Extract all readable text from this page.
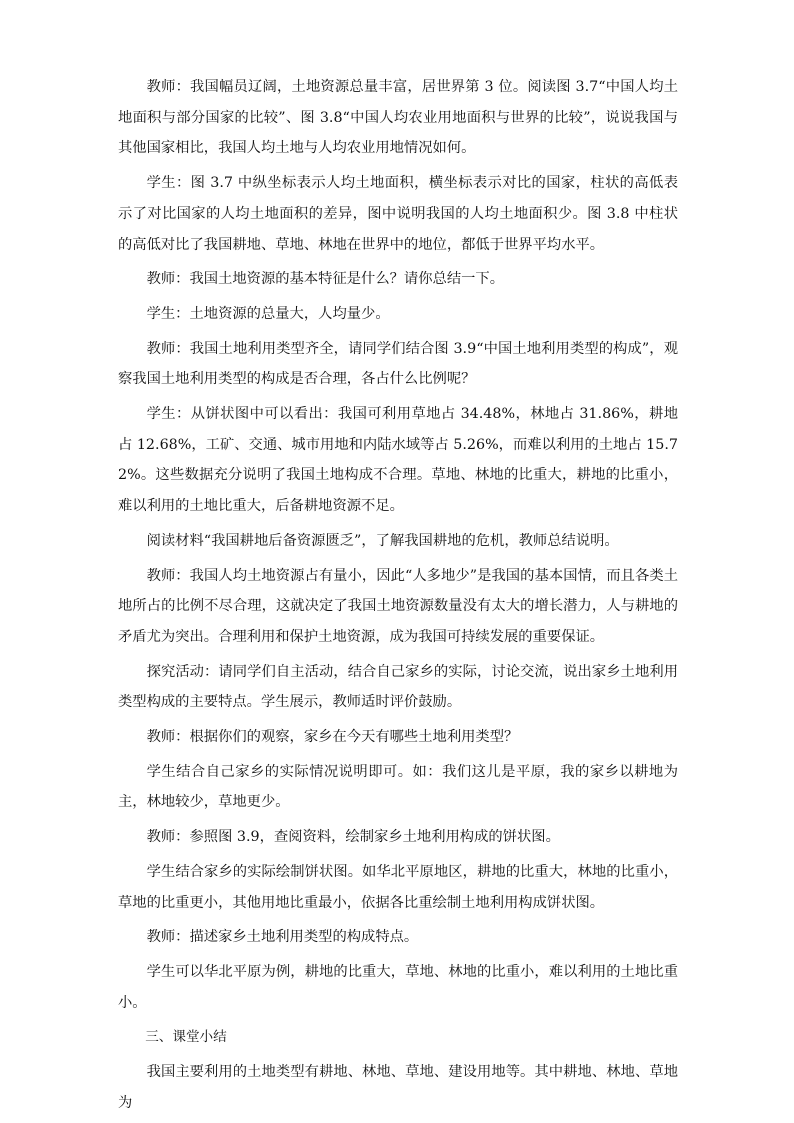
教师：我国幅员辽阔，土地资源总量丰富，居世界第 3 位。阅读图 3.7“中国人均土地面积与部分国家的比较”、图 3.8“中国人均农业用地面积与世界的比较”，说说我国与其他国家相比，我国人均土地与人均农业用地情况如何。

学生：图 3.7 中纵坐标表示人均土地面积，横坐标表示对比的国家，柱状的高低表示了对比国家的人均土地面积的差异，图中说明我国的人均土地面积少。图 3.8 中柱状的高低对比了我国耕地、草地、林地在世界中的地位，都低于世界平均水平。

教师：我国土地资源的基本特征是什么？请你总结一下。

学生：土地资源的总量大，人均量少。

教师：我国土地利用类型齐全，请同学们结合图 3.9“中国土地利用类型的构成”，观察我国土地利用类型的构成是否合理，各占什么比例呢？

学生：从饼状图中可以看出：我国可利用草地占 34.48%，林地占 31.86%，耕地占 12.68%，工矿、交通、城市用地和内陆水域等占 5.26%，而难以利用的土地占 15.72%。这些数据充分说明了我国土地构成不合理。草地、林地的比重大，耕地的比重小，难以利用的土地比重大，后备耕地资源不足。

阅读材料“我国耕地后备资源匮乏”，了解我国耕地的危机，教师总结说明。

教师：我国人均土地资源占有量小，因此“人多地少”是我国的基本国情，而且各类土地所占的比例不尽合理，这就决定了我国土地资源数量没有太大的增长潜力，人与耕地的矛盾尤为突出。合理利用和保护土地资源，成为我国可持续发展的重要保证。

探究活动：请同学们自主活动，结合自己家乡的实际，讨论交流，说出家乡土地利用类型构成的主要特点。学生展示，教师适时评价鼓励。

教师：根据你们的观察，家乡在今天有哪些土地利用类型？

学生结合自己家乡的实际情况说明即可。如：我们这儿是平原，我的家乡以耕地为主，林地较少，草地更少。

教师：参照图 3.9，查阅资料，绘制家乡土地利用构成的饼状图。

学生结合家乡的实际绘制饼状图。如华北平原地区，耕地的比重大，林地的比重小，草地的比重更小，其他用地比重最小，依据各比重绘制土地利用构成饼状图。

教师：描述家乡土地利用类型的构成特点。

学生可以华北平原为例，耕地的比重大，草地、林地的比重小，难以利用的土地比重小。

三、课堂小结

我国主要利用的土地类型有耕地、林地、草地、建设用地等。其中耕地、林地、草地为
